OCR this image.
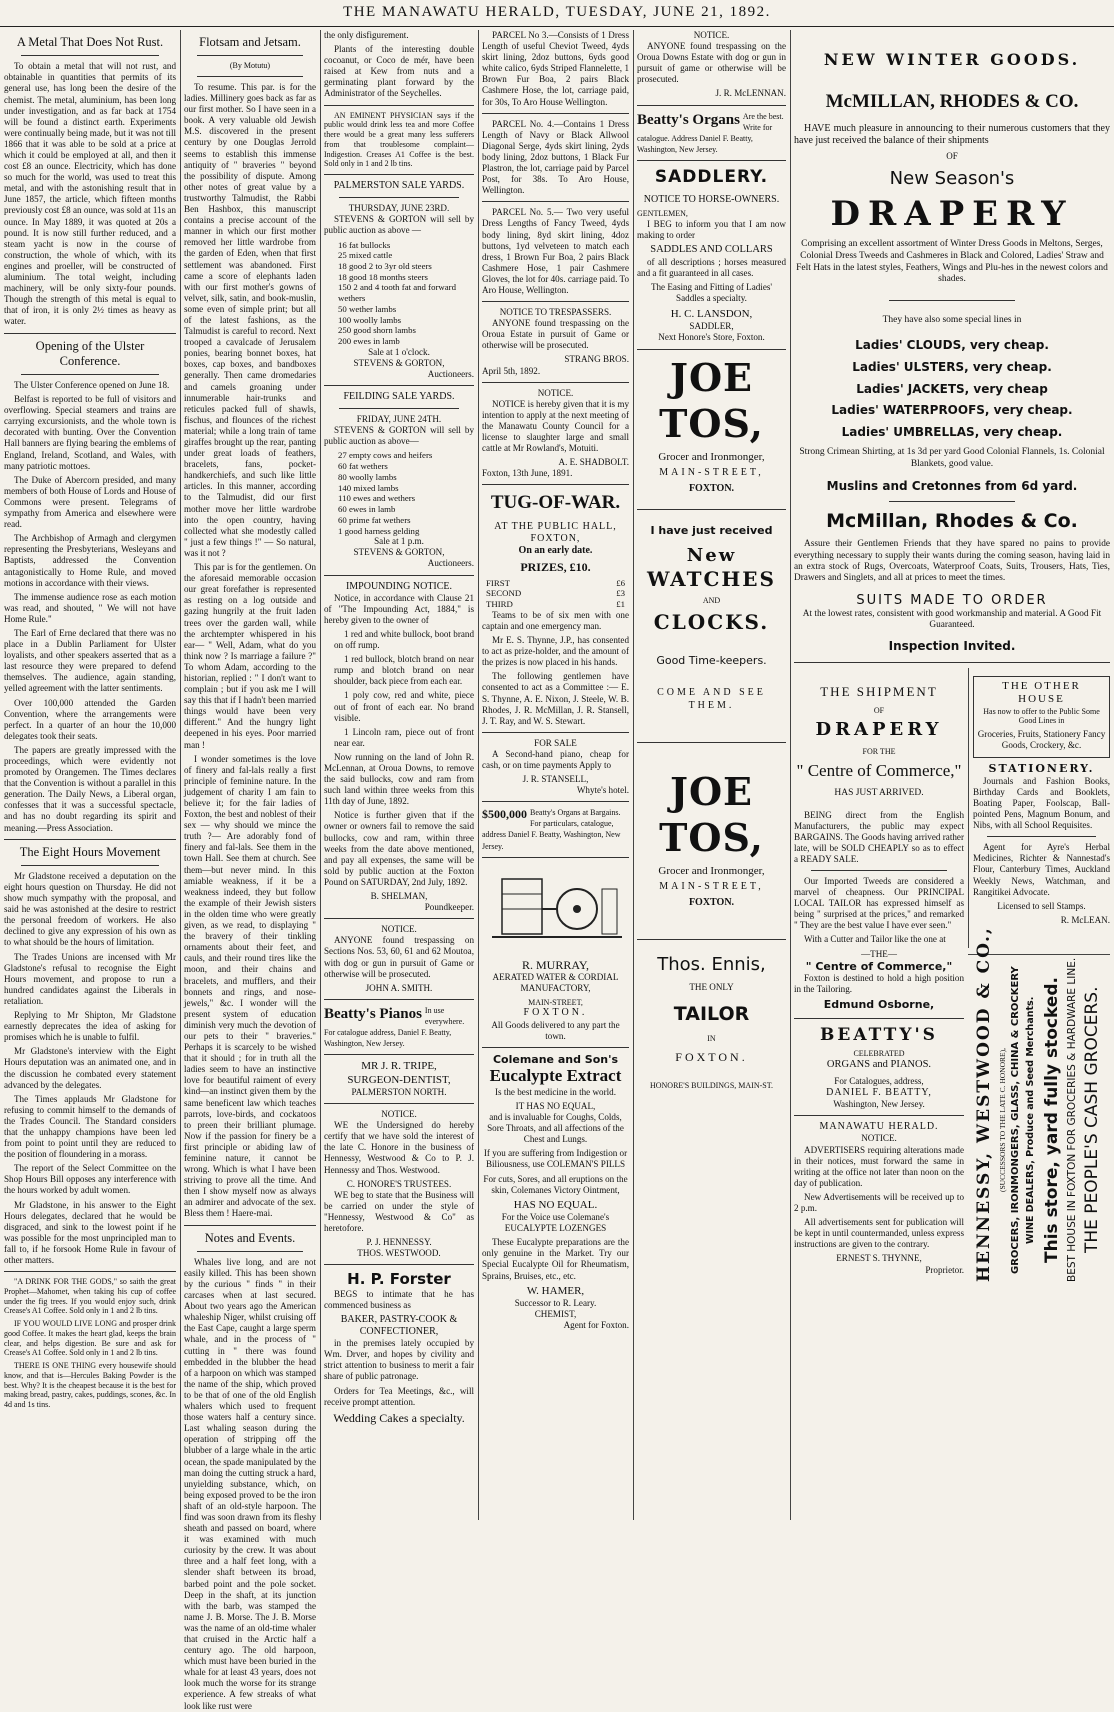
THE MANAWATU HERALD, TUESDAY, JUNE 21, 1892.
A Metal That Does Not Rust.

To obtain a metal that will not rust, and obtainable in quantities that permits of its general use, has long been the desire of the chemist. The metal, aluminium, has been long under investigation, and as far back at 1754 will be found a distinct earth. Experiments were continually being made, but it was not till 1866 that it was able to be sold at a price at which it could be employed at all, and then it cost £8 an ounce. Electricity, which has done so much for the world, was used to treat this metal, and with the astonishing result that in June 1857, the article, which fifteen months previously cost £8 an ounce, was sold at 11s an ounce. In May 1889, it was quoted at 20s a pound. It is now still further reduced, and a steam yacht is now in the course of construction, the whole of which, with its engines and proeller, will be constructed of aluminium. The total weight, including machinery, will be only sixty-four pounds. Though the strength of this metal is equal to that of iron, it is only 2½ times as heavy as water.

Opening of the Ulster Conference.

The Ulster Conference opened on June 18.

Belfast is reported to be full of visitors and overflowing. Special steamers and trains are carrying excursionists, and the whole town is decorated with bunting. Over the Convention Hall banners are flying bearing the emblems of England, Ireland, Scotland, and Wales, with many patriotic mottoes.

The Duke of Abercorn presided, and many members of both House of Lords and House of Commons were present. Telegrams of sympathy from America and elsewhere were read.

The Archbishop of Armagh and clergymen representing the Presbyterians, Wesleyans and Baptists, addressed the Convention antagonistically to Home Rule, and moved motions in accordance with their views.

The immense audience rose as each motion was read, and shouted, " We will not have Home Rule."

The Earl of Erne declared that there was no place in a Dublin Parliament for Ulster loyalists, and other speakers asserted that as a last resource they were prepared to defend themselves. The audience, again standing, yelled agreement with the latter sentiments.

Over 100,000 attended the Garden Convention, where the arrangements were perfect. In a quarter of an hour the 10,000 delegates took their seats.

The papers are greatly impressed with the proceedings, which were evidently not promoted by Orangemen. The Times declares that the Convention is without a parallel in this generation. The Daily News, a Liberal organ, confesses that it was a successful spectacle, and has no doubt regarding its spirit and meaning.—Press Association.

The Eight Hours Movement

Mr Gladstone received a deputation on the eight hours question on Thursday. He did not show much sympathy with the proposal, and said he was astonished at the desire to restrict the personal freedom of workers. He also declined to give any expression of his own as to what should be the hours of limitation.

The Trades Unions are incensed with Mr Gladstone's refusal to recognise the Eight Hours movement, and propose to run a hundred candidates against the Liberals in retaliation.

Replying to Mr Shipton, Mr Gladstone earnestly deprecates the idea of asking for promises which he is unable to fulfil.

Mr Gladstone's interview with the Eight Hours deputation was an animated one, and in the discussion he combated every statement advanced by the delegates.

The Times applauds Mr Gladstone for refusing to commit himself to the demands of the Trades Council. The Standard considers that the unhappy champions have been led from point to point until they are reduced to the position of floundering in a morass.

The report of the Select Committee on the Shop Hours Bill opposes any interference with the hours worked by adult women.

Mr Gladstone, in his answer to the Eight Hours delegates, declared that he would be disgraced, and sink to the lowest point if he was possible for the most unprincipled man to fall to, if he forsook Home Rule in favour of other matters.

"A DRINK FOR THE GODS," so saith the great Prophet—Mahomet, when taking his cup of coffee under the fig trees. If you would enjoy such, drink Crease's A1 Coffee. Sold only in 1 and 2 lb tins.

IF YOU WOULD LIVE LONG and prosper drink good Coffee. It makes the heart glad, keeps the brain clear, and helps digestion. Be sure and ask for Crease's A1 Coffee. Sold only in 1 and 2 lb tins.

THERE IS ONE THING every housewife should know, and that is—Hercules Baking Powder is the best. Why? It is the cheapest because it is the best for making bread, pastry, cakes, puddings, scones, &c. In 4d and 1s tins.

Flotsam and Jetsam.
(By Motutu)

To resume. This par. is for the ladies. Millinery goes back as far as our first mother. So I have seen in a book. A very valuable old Jewish M.S. discovered in the present century by one Douglas Jerrold seems to establish this immense antiquity of " braveries " beyond the possibility of dispute. Among other notes of great value by a trustworthy Talmudist, the Rabbi Ben Hashbox, this manuscript contains a precise account of the manner in which our first mother removed her little wardrobe from the garden of Eden, when that first settlement was abandoned. First came a score of elephants laden with our first mother's gowns of velvet, silk, satin, and book-muslin, some even of simple print; but all of the latest fashions, as the Talmudist is careful to record. Next trooped a cavalcade of Jerusalem ponies, bearing bonnet boxes, hat boxes, cap boxes, and bandboxes generally. Then came dromedaries and camels groaning under innumerable hair-trunks and reticules packed full of shawls, fischus, and flounces of the richest material; while a long train of tame giraffes brought up the rear, panting under great loads of feathers, bracelets, fans, pocket-handkerchiefs, and such like little articles. In this manner, according to the Talmudist, did our first mother move her little wardrobe into the open country, having collected what she modestly called " just a few things !" — So natural, was it not ?

This par is for the gentlemen. On the aforesaid memorable occasion our great forefather is represented as resting on a log outside and gazing hungrily at the fruit laden trees over the garden wall, while the archtempter whispered in his ear— " Well, Adam, what do you think now ? Is marriage a failure ?" To whom Adam, according to the historian, replied : " I don't want to complain ; but if you ask me I will say this that if I hadn't been married things would have been very different." And the hungry light deepened in his eyes. Poor married man !

I wonder sometimes is the love of finery and fal-lals really a first principle of feminine nature. In the judgement of charity I am fain to believe it; for the fair ladies of Foxton, the best and noblest of their sex — why should we mince the truth ?— Are adorably fond of finery and fal-lals. See them in the town Hall. See them at church. See them—but never mind. In this amiable weakness, if it be a weakness indeed, they but follow the example of their Jewish sisters in the olden time who were greatly given, as we read, to displaying " the bravery of their tinkling ornaments about their feet, and cauls, and their round tires like the moon, and their chains and bracelets, and mufflers, and their bonnets and rings, and nose-jewels," &c. I wonder will the present system of education diminish very much the devotion of our pets to their " braveries." Perhaps it is scarcely to be wished that it should ; for in truth all the ladies seem to have an instinctive love for beautiful raiment of every kind—an instinct given them by the same beneficent law which teaches parrots, love-birds, and cockatoos to preen their brilliant plumage. Now if the passion for finery be a first principle or abiding law of feminine nature, it cannot be wrong. Which is what I have been striving to prove all the time. And then I show myself now as always an admirer and advocate of the sex. Bless them ! Haere-mai.

Notes and Events.

Whales live long, and are not easily killed. This has been shown by the curious " finds " in their carcases when at last secured. About two years ago the American whaleship Niger, whilst cruising off the East Cape, caught a large sperm whale, and in the process of " cutting in " there was found embedded in the blubber the head of a harpoon on which was stamped the name of the ship, which proved to be that of one of the old English whalers which used to frequent those waters half a century since. Last whaling season during the operation of stripping off the blubber of a large whale in the artic ocean, the spade manipulated by the man doing the cutting struck a hard, unyielding substance, which, on being exposed proved to be the iron shaft of an old-style harpoon. The find was soon drawn from its fleshy sheath and passed on board, where it was examined with much curiosity by the crew. It was about three and a half feet long, with a slender shaft between its broad, barbed point and the pole socket. Deep in the shaft, at its junction with the barb, was stamped the name J. B. Morse. The J. B. Morse was the name of an old-time whaler that cruised in the Arctic half a century ago. The old harpoon, which must have been buried in the whale for at least 43 years, does not look much the worse for its strange experience. A few streaks of what look like rust were

the only disfigurement.

Plants of the interesting double cocoanut, or Coco de mér, have been raised at Kew from nuts and a germinating plant forward by the Administrator of the Seychelles.

AN EMINENT PHYSICIAN says if the public would drink less tea and more Coffee there would be a great many less sufferers from that troublesome complaint—Indigestion. Creases A1 Coffee is the best. Sold only in 1 and 2 lb tins.

PALMERSTON SALE YARDS.
THURSDAY, JUNE 23RD.

STEVENS & GORTON will sell by public auction as above —

16 fat bullocks
25 mixed cattle
18 good 2 to 3yr old steers
18 good 18 months steers
150 2 and 4 tooth fat and forward wethers
50 wether lambs
100 woolly lambs
250 good shorn lambs
200 ewes in lamb
Sale at 1 o'clock.
STEVENS & GORTON,
Auctioneers.
FEILDING SALE YARDS.
FRIDAY, JUNE 24TH.

STEVENS & GORTON will sell by public auction as above—

27 empty cows and heifers
60 fat wethers
80 woolly lambs
140 mixed lambs
110 ewes and wethers
60 ewes in lamb
60 prime fat wethers
1 good harness gelding
Sale at 1 p.m.
STEVENS & GORTON,
Auctioneers.
IMPOUNDING NOTICE.

Notice, in accordance with Clause 21 of "The Impounding Act, 1884," is hereby given to the owner of

1 red and white bullock, boot brand on off rump.

1 red bullock, blotch brand on near rump and blotch brand on near shoulder, back piece from each ear.

1 poly cow, red and white, piece out of front of each ear. No brand visible.

1 Lincoln ram, piece out of front near ear.

Now running on the land of John R. McLennan, at Oroua Downs, to remove the said bullocks, cow and ram from such land within three weeks from this 11th day of June, 1892.

Notice is further given that if the owner or owners fail to remove the said bullocks, cow and ram, within three weeks from the date above mentioned, and pay all expenses, the same will be sold by public auction at the Foxton Pound on SATURDAY, 2nd July, 1892.

B. SHELMAN,
Poundkeeper.
NOTICE.

ANYONE found trespassing on Sections Nos. 53, 60, 61 and 62 Moutoa, with dog or gun in pursuit of Game or otherwise will be prosecuted.

JOHN A. SMITH.
Beatty's Pianos In use everywhere. For catalogue address, Daniel F. Beatty, Washington, New Jersey.
MR J. R. TRIPE,
SURGEON-DENTIST,
PALMERSTON NORTH.
NOTICE.

WE the Undersigned do hereby certify that we have sold the interest of the late C. Honore in the business of Hennessy, Westwood & Co to P. J. Hennessy and Thos. Westwood.

C. HONORE'S TRUSTEES.

WE beg to state that the Business will be carried on under the style of "Hennessy, Westwood & Co" as heretofore.

P. J. HENNESSY.
THOS. WESTWOOD.
H. P. Forster

BEGS to intimate that he has commenced business as

BAKER, PASTRY-COOK & CONFECTIONER,

in the premises lately occupied by Wm. Drver, and hopes by civility and strict attention to business to merit a fair share of public patronage.

Orders for Tea Meetings, &c., will receive prompt attention.

Wedding Cakes a specialty.

PARCEL No 3.—Consists of 1 Dress Length of useful Cheviot Tweed, 4yds skirt lining, 2doz buttons, 6yds good white calico, 6yds Striped Flannelette, 1 Brown Fur Boa, 2 pairs Black Cashmere Hose, the lot, carriage paid, for 30s, To Aro House Wellington.

PARCEL No. 4.—Contains 1 Dress Length of Navy or Black Allwool Diagonal Serge, 4yds skirt lining, 2yds body lining, 2doz buttons, 1 Black Fur Plastron, the lot, carriage paid by Parcel Post, for 38s. To Aro House, Wellington.

PARCEL No. 5.— Two very useful Dress Lengths of Fancy Tweed, 4yds body lining, 8yd skirt lining, 4doz buttons, 1yd velveteen to match each dress, 1 Brown Fur Boa, 2 pairs Black Cashmere Hose, 1 pair Cashmere Gloves, the lot for 40s. carriage paid. To Aro House, Wellington.

NOTICE TO TRESPASSERS.

ANYONE found trespassing on the Oroua Estate in pursuit of Game or otherwise will be prosecuted.

STRANG BROS.
April 5th, 1892.
NOTICE.

NOTICE is hereby given that it is my intention to apply at the next meeting of the Manawatu County Council for a license to slaughter large and small cattle at Mr Rowland's, Motuiti.

A. E. SHADBOLT.
Foxton, 13th June, 1891.
TUG-OF-WAR.
AT THE PUBLIC HALL, FOXTON,
On an early date.
PRIZES, £10.
FIRST	£6
SECOND	£3
THIRD	£1

Teams to be of six men with one captain and one emergency man.

Mr E. S. Thynne, J.P., has consented to act as prize-holder, and the amount of the prizes is now placed in his hands.

The following gentlemen have consented to act as a Committee :— E. S. Thynne, A. E. Nixon, J. Steele, W. B. Rhodes, J. R. McMillan, J. R. Stansell, J. T. Ray, and W. S. Stewart.

FOR SALE

A Second-hand piano, cheap for cash, or on time payments Apply to

J. R. STANSELL,
Whyte's hotel.
$500,000 Beatty's Organs at Bargains. For particulars, catalogue, address Daniel F. Beatty, Washington, New Jersey.
R. MURRAY,

AERATED WATER & CORDIAL MANUFACTORY,

MAIN-STREET,
FOXTON.

All Goods delivered to any part the town.

Colemane and Son's
Eucalypte Extract

Is the best medicine in the world.

IT HAS NO EQUAL,

and is invaluable for Coughs, Colds, Sore Throats, and all affections of the Chest and Lungs.

If you are suffering from Indigestion or Biliousness, use COLEMAN'S PILLS

For cuts, Sores, and all eruptions on the skin, Colemanes Victory Ointment,

HAS NO EQUAL.

For the Voice use Colemane's EUCALYPTE LOZENGES

These Eucalypte preparations are the only genuine in the Market. Try our Special Eucalypte Oil for Rheumatism, Sprains, Bruises, etc., etc.

W. HAMER,
Successor to R. Leary.
CHEMIST,
Agent for Foxton.
NOTICE.

ANYONE found trespassing on the Oroua Downs Estate with dog or gun in pursuit of game or otherwise will be prosecuted.

J. R. McLENNAN.
Beatty's Organs Are the best. Write for catalogue. Address Daniel F. Beatty, Washington, New Jersey.
SADDLERY.
NOTICE TO HORSE-OWNERS.
GENTLEMEN,

I BEG to inform you that I am now making to order

SADDLES AND COLLARS

of all descriptions ; horses measured and a fit guaranteed in all cases.

The Easing and Fitting of Ladies' Saddles a specialty.

H. C. LANSDON,
SADDLER,
Next Honore's Store, Foxton.
JOE TOS,
Grocer and Ironmonger,
MAIN-STREET,
FOXTON.
I have just received
New
WATCHES
AND
CLOCKS.
Good Time-keepers.
COME AND SEE THEM.
JOE TOS,
Grocer and Ironmonger,
MAIN-STREET,
FOXTON.
Thos. Ennis,
THE ONLY
TAILOR
IN
FOXTON.
HONORE'S BUILDINGS, MAIN-ST.
NEW WINTER GOODS.
McMILLAN, RHODES & CO.

HAVE much pleasure in announcing to their numerous customers that they have just received the balance of their shipments

OF
New Season's
DRAPERY

Comprising an excellent assortment of Winter Dress Goods in Meltons, Serges, Colonial Dress Tweeds and Cashmeres in Black and Colored, Ladies' Straw and Felt Hats in the latest styles, Feathers, Wings and Plu-hes in the newest colors and shades.

They have also some special lines in
Ladies' CLOUDS, very cheap.
Ladies' ULSTERS, very cheap.
Ladies' JACKETS, very cheap
Ladies' WATERPROOFS, very cheap.
Ladies' UMBRELLAS, very cheap.

Strong Crimean Shirting, at 1s 3d per yard Good Colonial Flannels, 1s. Colonial Blankets, good value.

Muslins and Cretonnes from 6d yard.
McMillan, Rhodes & Co.

Assure their Gentlemen Friends that they have spared no pains to provide everything necessary to supply their wants during the coming season, having laid in an extra stock of Rugs, Overcoats, Waterproof Coats, Suits, Trousers, Hats, Ties, Drawers and Singlets, and all at prices to meet the times.

SUITS MADE TO ORDER

At the lowest rates, consistent with good workmanship and material. A Good Fit Guaranteed.

Inspection Invited.
THE SHIPMENT
OF
DRAPERY
FOR THE
" Centre of Commerce,"
HAS JUST ARRIVED.

BEING direct from the English Manufacturers, the public may expect BARGAINS. The Goods having arrived rather late, will be SOLD CHEAPLY so as to effect a READY SALE.

Our Imported Tweeds are considered a marvel of cheapness. Our PRINCIPAL LOCAL TAILOR has expressed himself as being " surprised at the prices," and remarked " They are the best value I have ever seen."

With a Cutter and Tailor like the one at

—THE—
" Centre of Commerce,"

Foxton is destined to hold a high position in the Tailoring.

Edmund Osborne,
BEATTY'S
CELEBRATED
ORGANS and PIANOS.
For Catalogues, address,
DANIEL F. BEATTY,
Washington, New Jersey.
MANAWATU HERALD.
NOTICE.

ADVERTISERS requiring alterations made in their notices, must forward the same in writing at the office not later than noon on the day of publication.

New Advertisements will be received up to 2 p.m.

All advertisements sent for publication will be kept in until countermanded, unless express instructions are given to the contrary.

ERNEST S. THYNNE,
Proprietor.
THE OTHER HOUSE

Has now to offer to the Public Some Good Lines in

Groceries, Fruits, Stationery Fancy Goods, Crockery, &c.

STATIONERY.

Journals and Fashion Books, Birthday Cards and Booklets, Boating Paper, Foolscap, Ball-pointed Pens, Magnum Bonum, and Nibs, with all School Requisites.

Agent for Ayre's Herbal Medicines, Richter & Nannestad's Flour, Canterbury Times, Auckland Weekly News, Watchman, and Rangitikei Advocate.

Licensed to sell Stamps.

R. McLEAN.
HENNESSY, WESTWOOD & CO., (SUCCESSORS TO THE LATE C. HONORE), GROCERS, IRONMONGERS, GLASS, CHINA & CROCKERY WINE DEALERS, Produce and Seed Merchants. This store, yard fully stocked. BEST HOUSE IN FOXTON FOR GROCERIES & HARDWARE LINE. THE PEOPLE'S CASH GROCERS.
